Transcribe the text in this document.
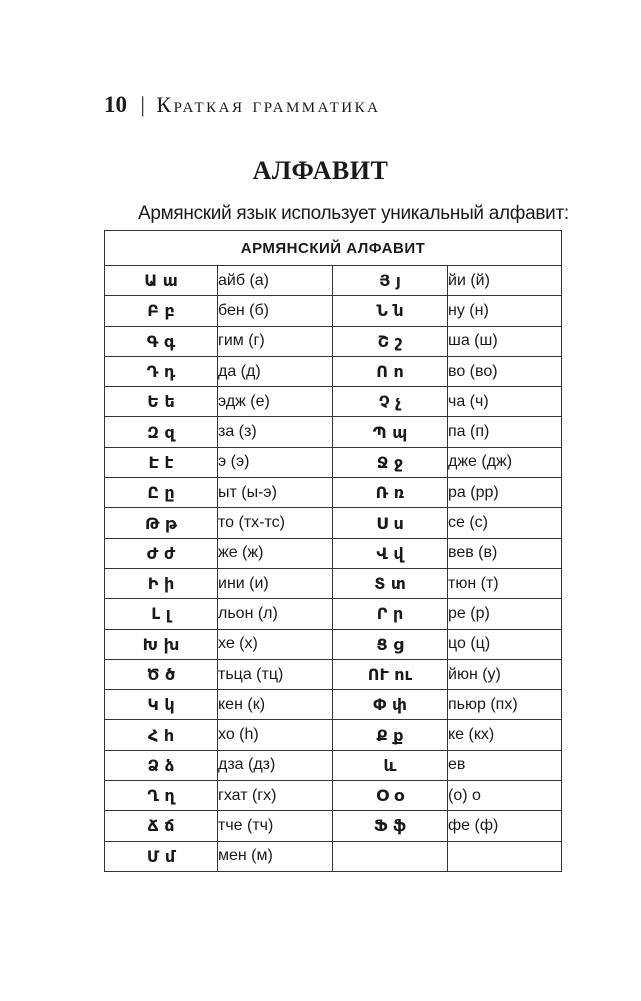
10 | Краткая грамматика
АЛФАВИТ
Армянский язык использует уникальный алфавит:
АРМЯНСКИЙ АЛФАВИТ			
Ա ա	айб (а)	Յ յ	йи (й)
Բ բ	бен (б)	Ն ն	ну (н)
Գ գ	гим (г)	Շ շ	ша (ш)
Դ դ	да (д)	Ո ո	во (во)
Ե ե	эдж (е)	Չ չ	ча (ч)
Զ զ	за (з)	Պ պ	па (п)
Է է	э (э)	Ջ ջ	дже (дж)
Ը ը	ыт (ы-э)	Ռ ռ	ра (рр)
Թ թ	то (тх-тс)	Ս ս	се (с)
Ժ ժ	же (ж)	Վ վ	вев (в)
Ի ի	ини (и)	Տ տ	тюн (т)
Լ լ	льон (л)	Ր ր	ре (р)
Խ խ	хе (х)	Ց ց	цо (ц)
Ծ ծ	тьца (тц)	ՈՒ ու	йюн (у)
Կ կ	кен (к)	Փ փ	пьюр (пх)
Հ հ	хо (h)	Ք ք	ке (кх)
Ձ ձ	дза (дз)	և	ев
Ղ ղ	гхат (гх)	Օ օ	(о) о
Ճ ճ	тче (тч)	Ֆ ֆ	фе (ф)
Մ մ	мен (м)		
